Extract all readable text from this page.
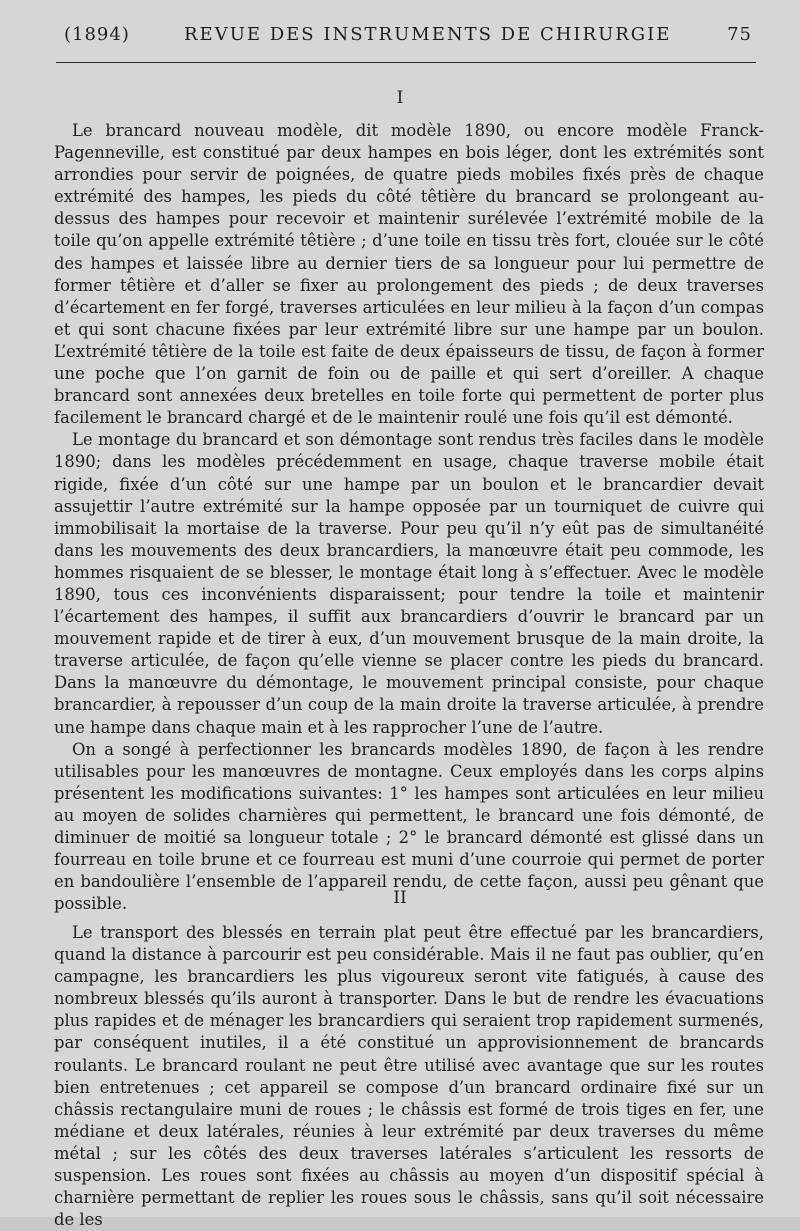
(1894)	REVUE DES INSTRUMENTS DE CHIRURGIE	75
I

Le brancard nouveau modèle, dit modèle 1890, ou encore modèle Franck-Pagenneville, est constitué par deux hampes en bois léger, dont les extrémités sont arrondies pour servir de poignées, de quatre pieds mobiles fixés près de chaque extrémité des hampes, les pieds du côté têtière du brancard se prolongeant au-dessus des hampes pour recevoir et maintenir surélevée l’extrémité mobile de la toile qu’on appelle extrémité têtière ; d’une toile en tissu très fort, clouée sur le côté des hampes et laissée libre au dernier tiers de sa longueur pour lui permettre de former têtière et d’aller se fixer au prolongement des pieds ; de deux traverses d’écartement en fer forgé, traverses articulées en leur milieu à la façon d’un compas et qui sont chacune fixées par leur extrémité libre sur une hampe par un boulon. L’extrémité têtière de la toile est faite de deux épaisseurs de tissu, de façon à former une poche que l’on garnit de foin ou de paille et qui sert d’oreiller. A chaque brancard sont annexées deux bretelles en toile forte qui permettent de porter plus facilement le brancard chargé et de le maintenir roulé une fois qu’il est démonté.

Le montage du brancard et son démontage sont rendus très faciles dans le modèle 1890; dans les modèles précédemment en usage, chaque traverse mobile était rigide, fixée d’un côté sur une hampe par un boulon et le brancardier devait assujettir l’autre extrémité sur la hampe opposée par un tourniquet de cuivre qui immobilisait la mortaise de la traverse. Pour peu qu’il n’y eût pas de simultanéité dans les mouvements des deux brancardiers, la manœuvre était peu commode, les hommes risquaient de se blesser, le montage était long à s’effectuer. Avec le modèle 1890, tous ces inconvénients disparaissent; pour tendre la toile et maintenir l’écartement des hampes, il suffit aux brancardiers d’ouvrir le brancard par un mouvement rapide et de tirer à eux, d’un mouvement brusque de la main droite, la traverse articulée, de façon qu’elle vienne se placer contre les pieds du brancard. Dans la manœuvre du démontage, le mouvement principal consiste, pour chaque brancardier, à repousser d’un coup de la main droite la traverse articulée, à prendre une hampe dans chaque main et à les rapprocher l’une de l’autre.

On a songé à perfectionner les brancards modèles 1890, de façon à les rendre utilisables pour les manœuvres de montagne. Ceux employés dans les corps alpins présentent les modifications suivantes: 1° les hampes sont articulées en leur milieu au moyen de solides charnières qui permettent, le brancard une fois démonté, de diminuer de moitié sa longueur totale ; 2° le brancard démonté est glissé dans un fourreau en toile brune et ce fourreau est muni d’une courroie qui permet de porter en bandoulière l’ensemble de l’appareil rendu, de cette façon, aussi peu gênant que possible.	II

Le transport des blessés en terrain plat peut être effectué par les brancardiers, quand la distance à parcourir est peu considérable. Mais il ne faut pas oublier, qu’en campagne, les brancardiers les plus vigoureux seront vite fatigués, à cause des nombreux blessés qu’ils auront à transporter. Dans le but de rendre les évacuations plus rapides et de ménager les brancardiers qui seraient trop rapidement surmenés, par conséquent inutiles, il a été constitué un approvisionnement de brancards roulants. Le brancard roulant ne peut être utilisé avec avantage que sur les routes bien entretenues ; cet appareil se compose d’un brancard ordinaire fixé sur un châssis rectangulaire muni de roues ; le châssis est formé de trois tiges en fer, une médiane et deux latérales, réunies à leur extrémité par deux traverses du même métal ; sur les côtés des deux traverses latérales s’articulent les ressorts de suspension. Les roues sont fixées au châssis au moyen d’un dispositif spécial à charnière permettant de replier les roues sous le châssis, sans qu’il soit nécessaire de les
